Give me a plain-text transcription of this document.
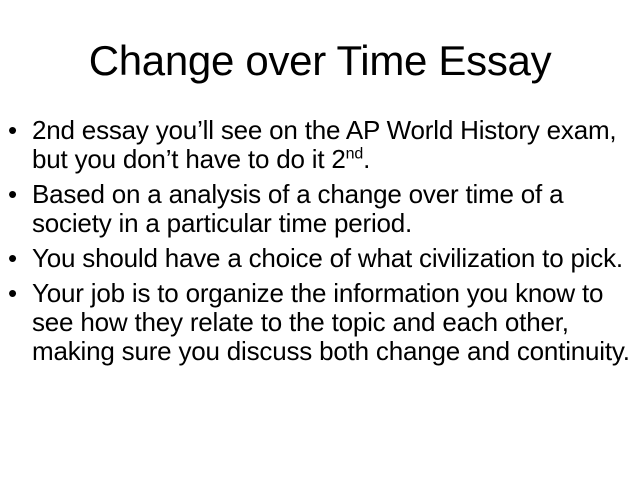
Change over Time Essay
• 2nd essay you’ll see on the AP World History exam, but you don’t have to do it 2nd.
• Based on a analysis of a change over time of a society in a particular time period.
• You should have a choice of what civilization to pick.
• Your job is to organize the information you know to see how they relate to the topic and each other, making sure you discuss both change and continuity.
